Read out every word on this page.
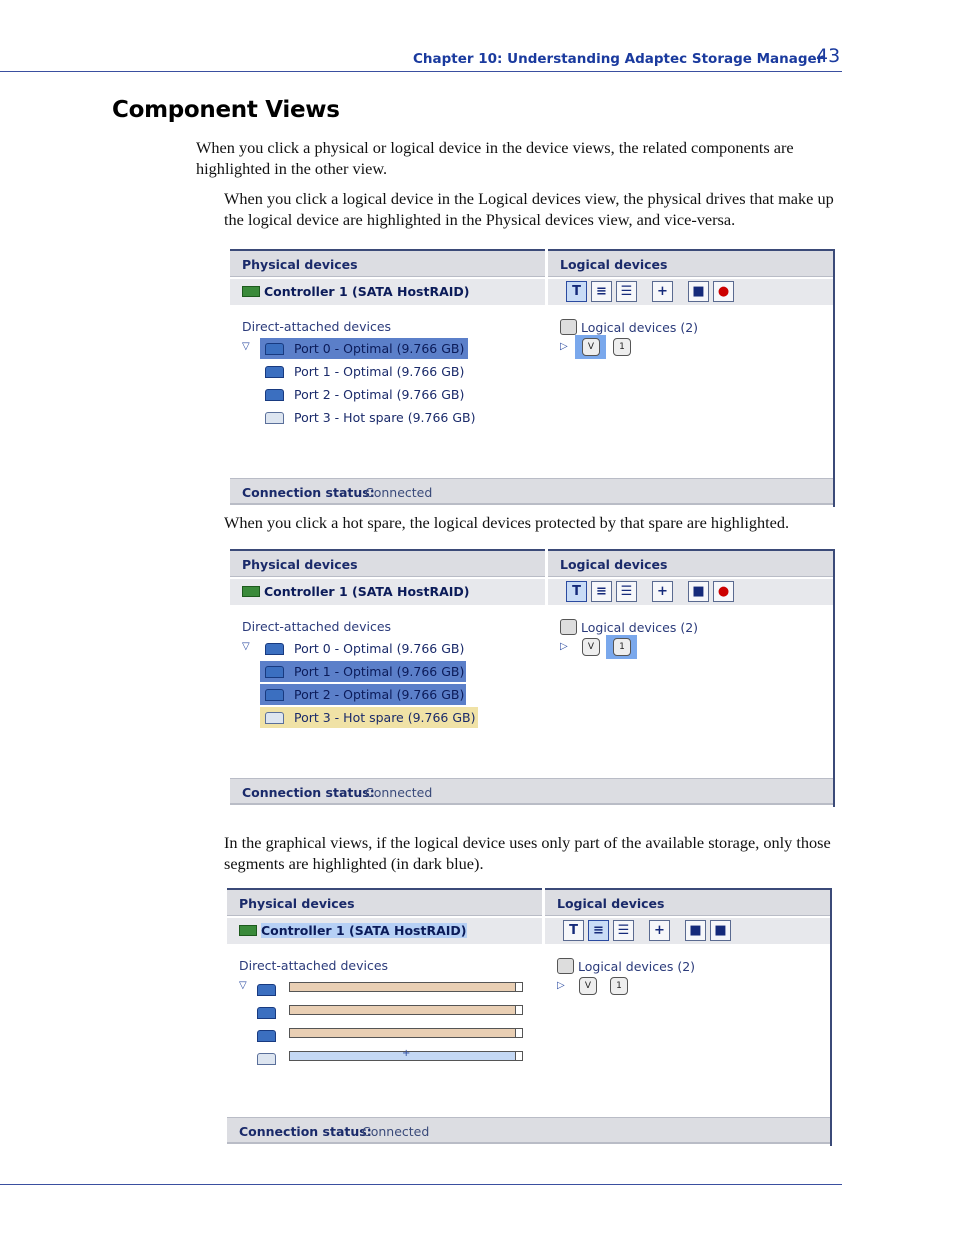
Chapter 10: Understanding Adaptec Storage Manager
43
Component Views

When you click a physical or logical device in the device views, the related components are highlighted in the other view.

When you click a logical device in the Logical devices view, the physical drives that make up the logical device are highlighted in the Physical devices view, and vice-versa.

Physical devices	Logical devices
Controller 1 (SATA HostRAID)	T	≡	☰	+	■	●
Direct-attached devices
▽	Port 0 - Optimal (9.766 GB)
Port 1 - Optimal (9.766 GB)
Port 2 - Optimal (9.766 GB)
Port 3 - Hot spare (9.766 GB)
Logical devices (2)
▷	V	1
Connection status:
Connected

When you click a hot spare, the logical devices protected by that spare are highlighted.

Physical devices	Logical devices
Controller 1 (SATA HostRAID)	T	≡	☰	+	■	●
Direct-attached devices
▽	Port 0 - Optimal (9.766 GB)
Port 1 - Optimal (9.766 GB)
Port 2 - Optimal (9.766 GB)
Port 3 - Hot spare (9.766 GB)
Logical devices (2)
▷	V	1
Connection status:
Connected

In the graphical views, if the logical device uses only part of the available storage, only those segments are highlighted (in dark blue).

Physical devices	Logical devices
Controller 1 (SATA HostRAID)	T	≡	☰	+	■ ■
Direct-attached devices
▽
+
Logical devices (2)
▷	V	1
Connection status:
Connected
